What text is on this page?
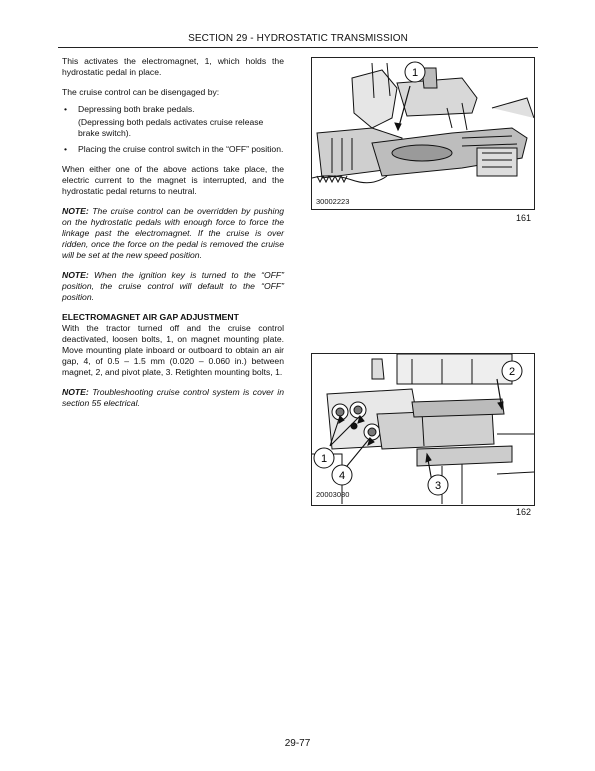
SECTION 29 - HYDROSTATIC TRANSMISSION

This activates the electromagnet, 1, which holds the hydrostatic pedal in place.

The cruise control can be disengaged by:

• Depressing both brake pedals.
(Depressing both pedals activates cruise release brake switch).
• Placing the cruise control switch in the “OFF” position.

When either one of the above actions take place, the electric current to the magnet is interrupted, and the hydrostatic pedal returns to neutral.

NOTE: The cruise control can be overridden by pushing on the hydrostatic pedals with enough force to force the linkage past the electromagnet. If the cruise is over ridden, once the force on the pedal is removed the cruise will be set at the new speed position.

NOTE: When the ignition key is turned to the “OFF” position, the cruise control will default to the “OFF” position.

ELECTROMAGNET AIR GAP ADJUSTMENT

With the tractor turned off and the cruise control deactivated, loosen bolts, 1, on magnet mounting plate. Move mounting plate inboard or outboard to obtain an air gap, 4, of 0.5 – 1.5 mm (0.020 – 0.060 in.) between magnet, 2, and pivot plate, 3. Retighten mounting bolts, 1.

NOTE: Troubleshooting cruise control system is cover in section 55 electrical.

1
30002223
161
2
1
4
3
20003080
162
29-77
